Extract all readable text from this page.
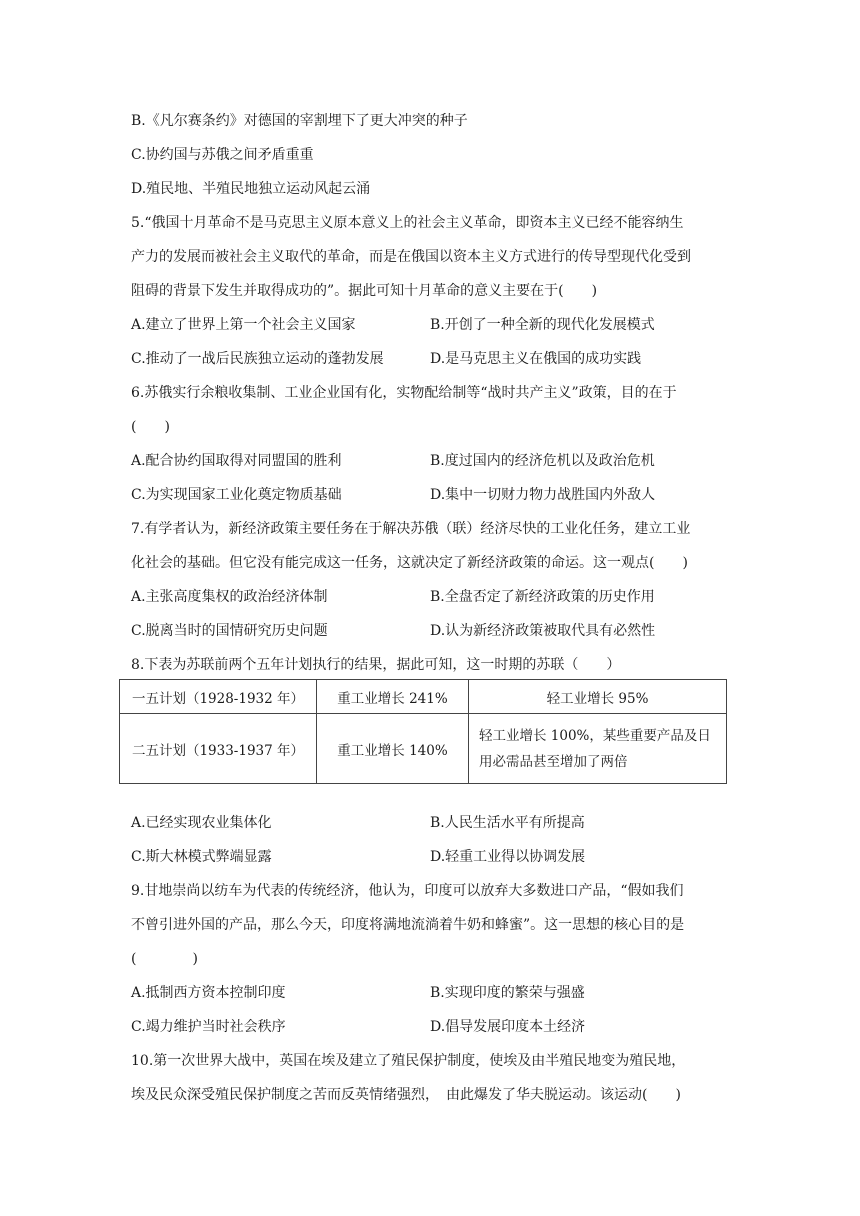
B.《凡尔赛条约》对德国的宰割埋下了更大冲突的种子
C.协约国与苏俄之间矛盾重重
D.殖民地、半殖民地独立运动风起云涌
5.“俄国十月革命不是马克思主义原本意义上的社会主义革命，即资本主义已经不能容纳生
产力的发展而被社会主义取代的革命，而是在俄国以资本主义方式进行的传导型现代化受到
阻碍的背景下发生并取得成功的”。据此可知十月革命的意义主要在于(　　)
A.建立了世界上第一个社会主义国家	B.开创了一种全新的现代化发展模式
C.推动了一战后民族独立运动的蓬勃发展	D.是马克思主义在俄国的成功实践
6.苏俄实行余粮收集制、工业企业国有化，实物配给制等“战时共产主义”政策，目的在于
(　　)
A.配合协约国取得对同盟国的胜利	B.度过国内的经济危机以及政治危机
C.为实现国家工业化奠定物质基础	D.集中一切财力物力战胜国内外敌人
7.有学者认为，新经济政策主要任务在于解决苏俄（联）经济尽快的工业化任务，建立工业
化社会的基础。但它没有能完成这一任务，这就决定了新经济政策的命运。这一观点(　　)
A.主张高度集权的政治经济体制	B.全盘否定了新经济政策的历史作用
C.脱离当时的国情研究历史问题	D.认为新经济政策被取代具有必然性
8.下表为苏联前两个五年计划执行的结果，据此可知，这一时期的苏联（　　）
一五计划（1928-1932 年）	重工业增长 241%	轻工业增长 95%
二五计划（1933-1937 年）	重工业增长 140%	轻工业增长 100%，某些重要产品及日用必需品甚至增加了两倍
A.已经实现农业集体化	B.人民生活水平有所提高
C.斯大林模式弊端显露	D.轻重工业得以协调发展
9.甘地崇尚以纺车为代表的传统经济，他认为，印度可以放弃大多数进口产品，“假如我们
不曾引进外国的产品，那么今天，印度将满地流淌着牛奶和蜂蜜”。这一思想的核心目的是
(　　　　)
A.抵制西方资本控制印度	B.实现印度的繁荣与强盛
C.竭力维护当时社会秩序	D.倡导发展印度本土经济
10.第一次世界大战中，英国在埃及建立了殖民保护制度，使埃及由半殖民地变为殖民地，
埃及民众深受殖民保护制度之苦而反英情绪强烈，　由此爆发了华夫脱运动。该运动(　　)
